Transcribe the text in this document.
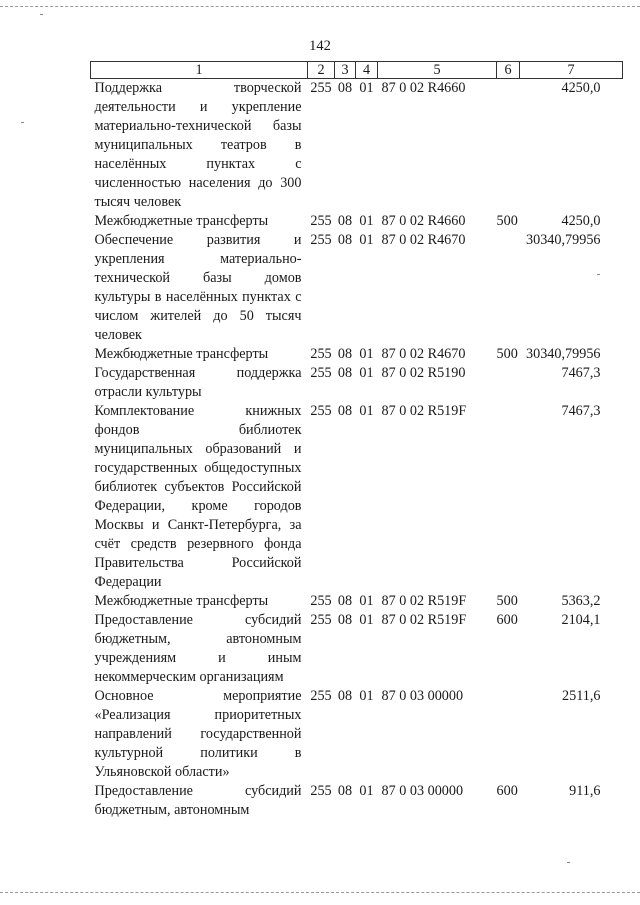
142
1	2	3	4	5	6	7
Поддержка творческой деятельности и укрепление материально-технической базы муниципальных театров в населённых пунктах с численностью населения до 300 тысяч человек	255	08	01	87 0 02 R4660		4250,0
Межбюджетные трансферты	255	08	01	87 0 02 R4660	500	4250,0
Обеспечение развития и укрепления материально-технической базы домов культуры в населённых пунктах с числом жителей до 50 тысяч человек	255	08	01	87 0 02 R4670		30340,79956
Межбюджетные трансферты	255	08	01	87 0 02 R4670	500	30340,79956
Государственная поддержка отрасли культуры	255	08	01	87 0 02 R5190		7467,3
Комплектование книжных фондов библиотек муниципальных образований и государственных общедоступных библиотек субъектов Российской Федерации, кроме городов Москвы и Санкт-Петербурга, за счёт средств резервного фонда Правительства Российской Федерации	255	08	01	87 0 02 R519F		7467,3
Межбюджетные трансферты	255	08	01	87 0 02 R519F	500	5363,2
Предоставление субсидий бюджетным, автономным учреждениям и иным некоммерческим организациям	255	08	01	87 0 02 R519F	600	2104,1
Основное мероприятие «Реализация приоритетных направлений государственной культурной политики в Ульяновской области»	255	08	01	87 0 03 00000		2511,6
Предоставление субсидий бюджетным, автономным	255	08	01	87 0 03 00000	600	911,6
